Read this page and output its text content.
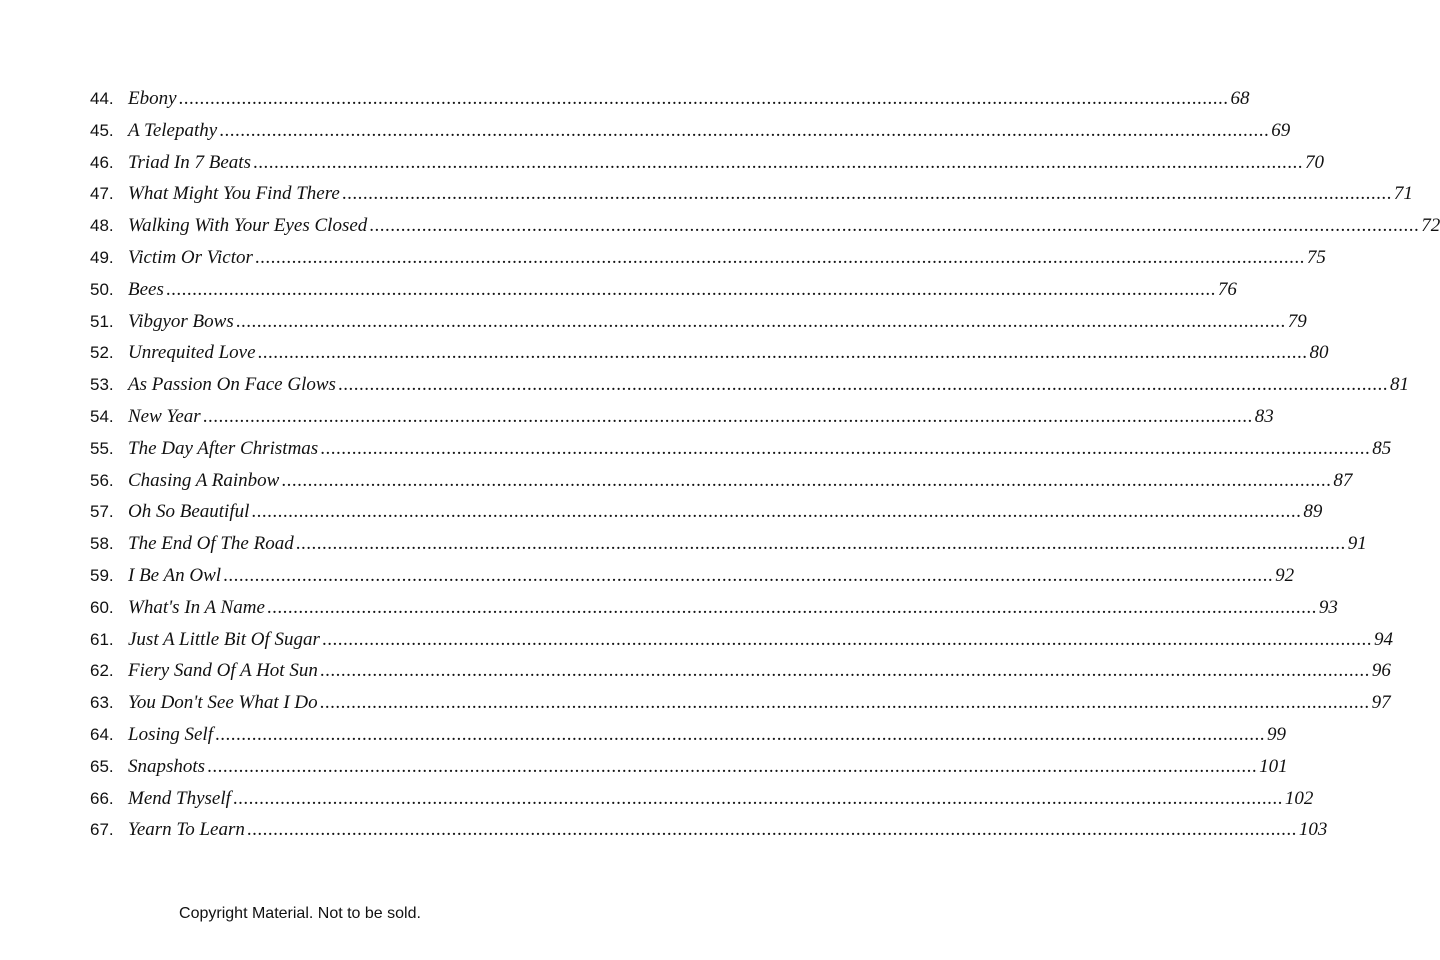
44. Ebony ........................................................................................................................................................................................................ 68
45. A Telepathy ........................................................................................................................................................................................................ 69
46. Triad In 7 Beats ........................................................................................................................................................................................................ 70
47. What Might You Find There ........................................................................................................................................................................................................ 71
48. Walking With Your Eyes Closed ........................................................................................................................................................................................................ 72
49. Victim Or Victor ........................................................................................................................................................................................................ 75
50. Bees ........................................................................................................................................................................................................ 76
51. Vibgyor Bows ........................................................................................................................................................................................................ 79
52. Unrequited Love ........................................................................................................................................................................................................ 80
53. As Passion On Face Glows ........................................................................................................................................................................................................ 81
54. New Year ........................................................................................................................................................................................................ 83
55. The Day After Christmas ........................................................................................................................................................................................................ 85
56. Chasing A Rainbow ........................................................................................................................................................................................................ 87
57. Oh So Beautiful ........................................................................................................................................................................................................ 89
58. The End Of The Road ........................................................................................................................................................................................................ 91
59. I Be An Owl ........................................................................................................................................................................................................ 92
60. What's In A Name ........................................................................................................................................................................................................ 93
61. Just A Little Bit Of Sugar ........................................................................................................................................................................................................ 94
62. Fiery Sand Of A Hot Sun ........................................................................................................................................................................................................ 96
63. You Don't See What I Do ........................................................................................................................................................................................................ 97
64. Losing Self ........................................................................................................................................................................................................ 99
65. Snapshots ........................................................................................................................................................................................................ 101
66. Mend Thyself ........................................................................................................................................................................................................ 102
67. Yearn To Learn ........................................................................................................................................................................................................ 103
Copyright Material. Not to be sold.
